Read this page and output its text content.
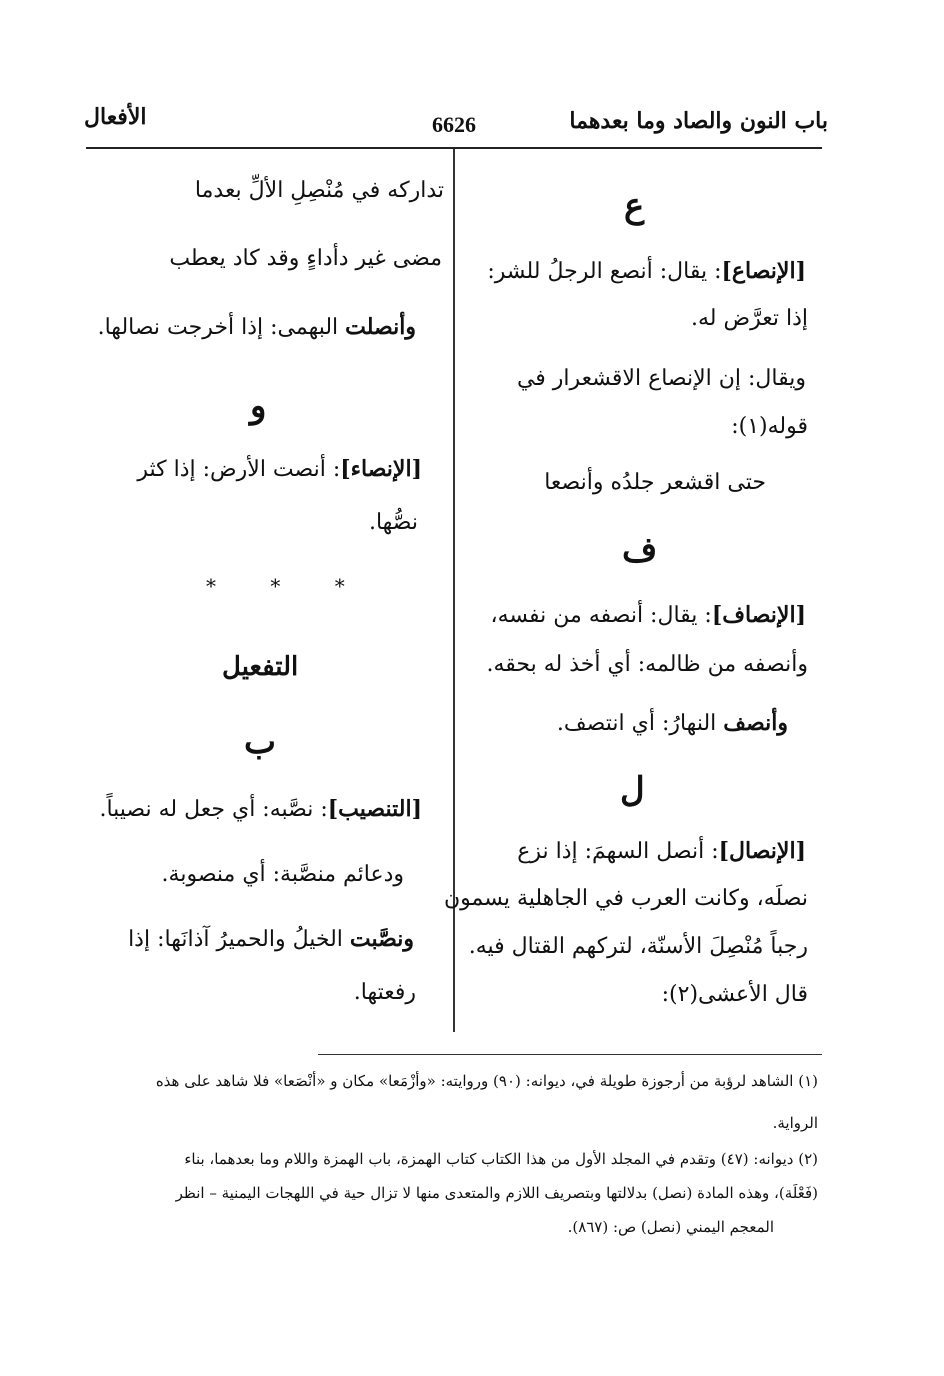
باب النون والصاد وما بعدهما
6626
الأفعال
ع
[الإنصاع]: يقال: أنصع الرجلُ للشر:
إذا تعرَّض له.
ويقال: إن الإنصاع الاقشعرار في
قوله(١):
حتى اقشعر جلدُه وأنصعا
ف
[الإنصاف]: يقال: أنصفه من نفسه،
وأنصفه من ظالمه: أي أخذ له بحقه.
وأنصف النهارُ: أي انتصف.
ل
[الإنصال]: أنصل السهمَ: إذا نزع
نصلَه، وكانت العرب في الجاهلية يسمون
رجباً مُنْصِلَ الأسنّة، لتركهم القتال فيه.
قال الأعشى(٢):
تداركه في مُنْصِلِ الألِّ بعدما
مضى غير دأداءٍ وقد كاد يعطب
وأنصلت البهمى: إذا أخرجت نصالها.
و
[الإنصاء]: أنصت الأرض: إذا كثر
نصُّها.
* * *
التفعيل
ب
[التنصيب]: نصَّبه: أي جعل له نصيباً.
ودعائم منصَّبة: أي منصوبة.
ونصَّبت الخيلُ والحميرُ آذانَها: إذا
رفعتها.
(١) الشاهد لرؤبة من أرجوزة طويلة في، ديوانه: (٩٠) وروايته: «وأزْمَعا» مكان و «أنْصَعا» فلا شاهد على هذه
الرواية.
(٢) ديوانه: (٤٧) وتقدم في المجلد الأول من هذا الكتاب كتاب الهمزة، باب الهمزة واللام وما بعدهما، بناء
(فَعْلَة)، وهذه المادة (نصل) بدلالتها وبتصريف اللازم والمتعدى منها لا تزال حية في اللهجات اليمنية – انظر
المعجم اليمني (نصل) ص: (٨٦٧).
